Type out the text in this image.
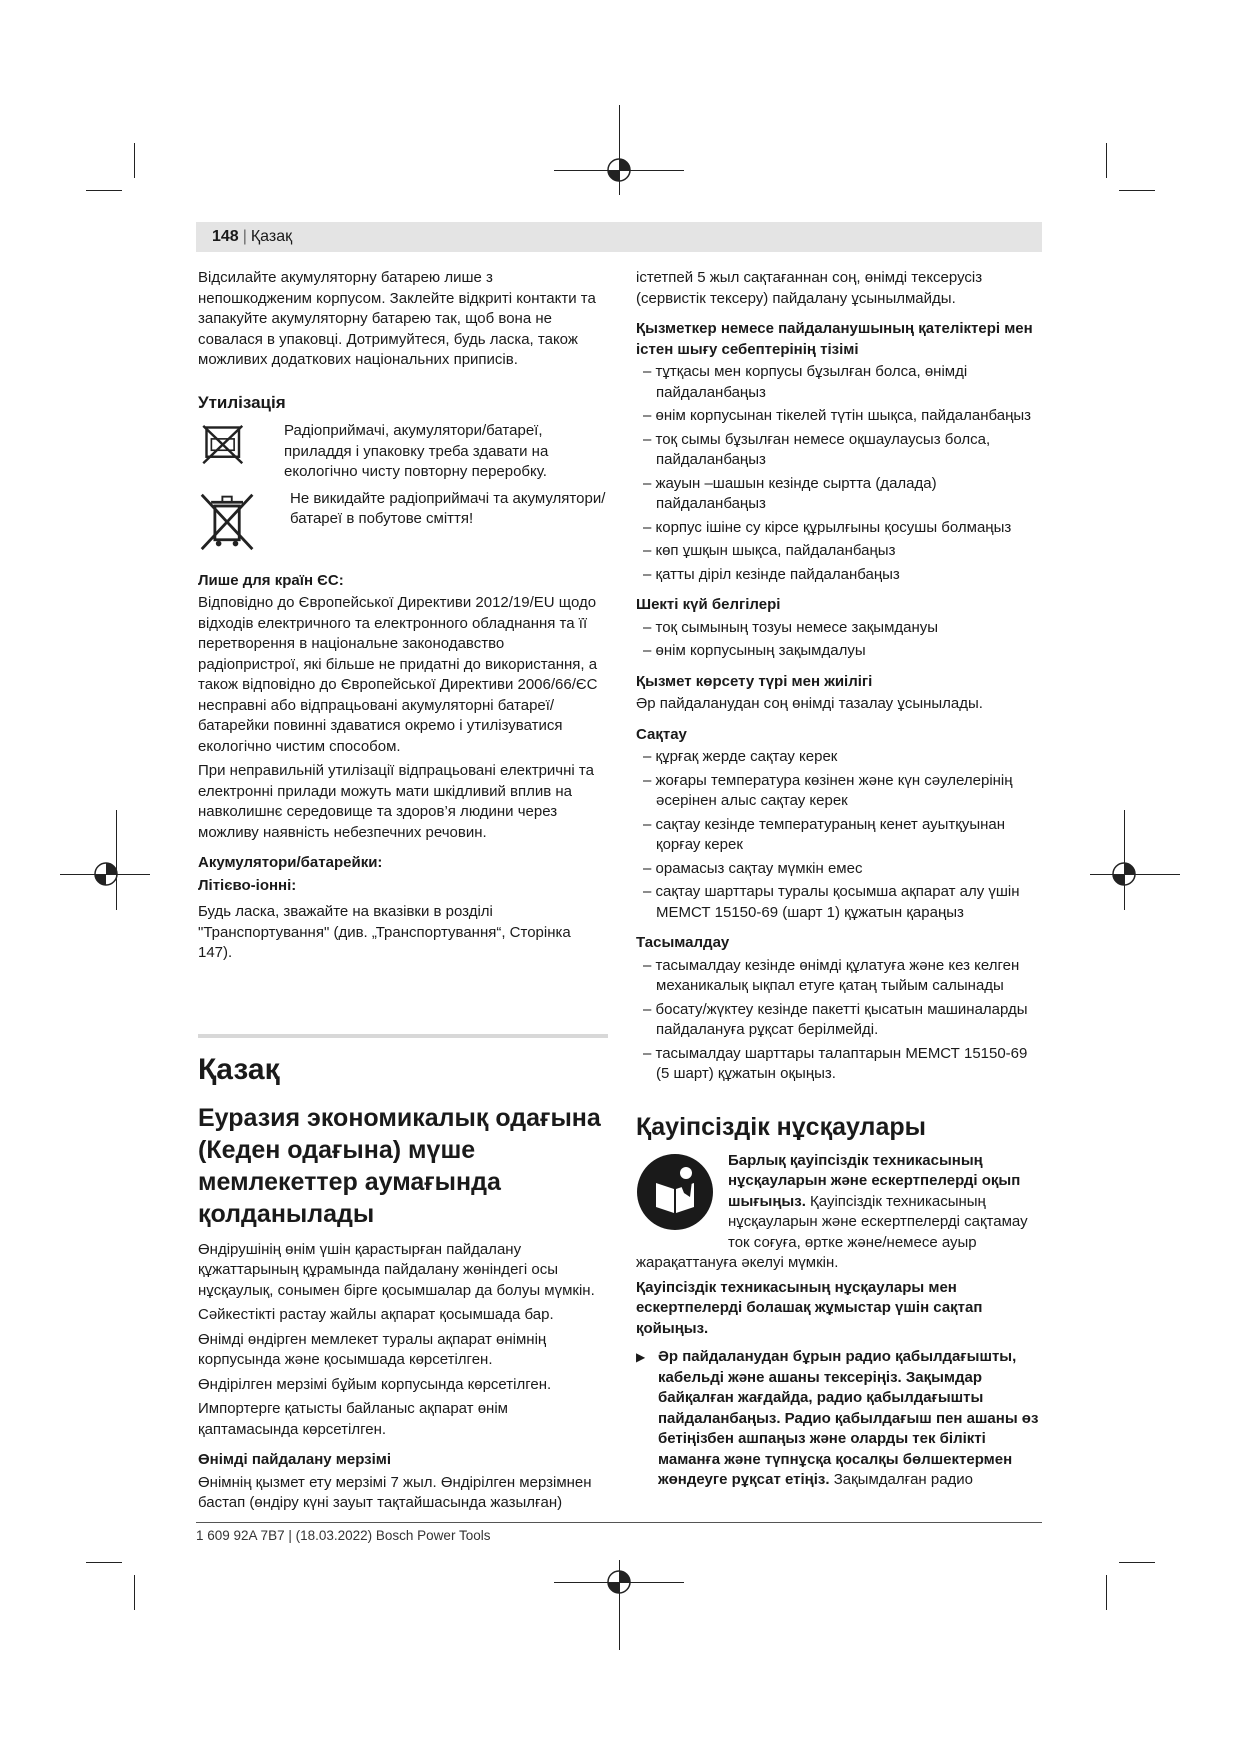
148 | Қазақ

Відсилайте акумуляторну батарею лише з непошкодженим корпусом. Заклейте відкриті контакти та запакуйте акумуляторну батарею так, щоб вона не совалася в упаковці. Дотримуйтеся, будь ласка, також можливих додаткових національних приписів.

Утилізація
Радіоприймачі, акумулятори/батареї, приладдя і упаковку треба здавати на екологічно чисту повторну переробку.
Не викидайте радіоприймачі та акумулятори/батареї в побутове сміття!
Лише для країн ЄС:

Відповідно до Європейської Директиви 2012/19/EU щодо відходів електричного та електронного обладнання та її перетворення в національне законодавство радіопристрої, які більше не придатні до використання, а також відповідно до Європейської Директиви 2006/66/ЄС несправні або відпрацьовані акумуляторні батареї/батарейки повинні здаватися окремо і утилізуватися екологічно чистим способом.

При неправильній утилізації відпрацьовані електричні та електронні прилади можуть мати шкідливий вплив на навколишнє середовище та здоров’я людини через можливу наявність небезпечних речовин.

Акумулятори/батарейки:
Літієво-іонні:

Будь ласка, зважайте на вказівки в розділі "Транспортування" (див. „Транспортування“, Сторінка 147).

Қазақ
Еуразия экономикалық одағына (Кеден одағына) мүше мемлекеттер аумағында қолданылады

Өндірушінің өнім үшін қарастырған пайдалану құжаттарының құрамында пайдалану жөніндегі осы нұсқаулық, сонымен бірге қосымшалар да болуы мүмкін.

Сәйкестікті растау жайлы ақпарат қосымшада бар.

Өнімді өндірген мемлекет туралы ақпарат өнімнің корпусында және қосымшада көрсетілген.

Өндірілген мерзімі бұйым корпусында көрсетілген.

Импортерге қатысты байланыс ақпарат өнім қаптамасында көрсетілген.

Өнімді пайдалану мерзімі

Өнімнің қызмет ету мерзімі 7 жыл. Өндірілген мерзімнен бастап (өндіру күні зауыт тақтайшасында жазылған)

істетпей 5 жыл сақтағаннан соң, өнімді тексерусіз (сервистік тексеру) пайдалану ұсынылмайды.

Қызметкер немесе пайдаланушының қателіктері мен істен шығу себептерінің тізімі
– тұтқасы мен корпусы бұзылған болса, өнімді пайдаланбаңыз
– өнім корпусынан тікелей түтін шықса, пайдаланбаңыз
– тоқ сымы бұзылған немесе оқшаулаусыз болса, пайдаланбаңыз
– жауын –шашын кезінде сыртта (далада) пайдаланбаңыз
– корпус ішіне су кірсе құрылғыны қосушы болмаңыз
– көп ұшқын шықса, пайдаланбаңыз
– қатты діріл кезінде пайдаланбаңыз
Шекті күй белгілері
– тоқ сымының тозуы немесе зақымдануы
– өнім корпусының зақымдалуы
Қызмет көрсету түрі мен жиілігі

Әр пайдаланудан соң өнімді тазалау ұсынылады.

Сақтау
– құрғақ жерде сақтау керек
– жоғары температура көзінен және күн сәулелерінің әсерінен алыс сақтау керек
– сақтау кезінде температураның кенет ауытқуынан қорғау керек
– орамасыз сақтау мүмкін емес
– сақтау шарттары туралы қосымша ақпарат алу үшін МЕМСТ 15150-69 (шарт 1) құжатын қараңыз
Тасымалдау
– тасымалдау кезінде өнімді құлатуға және кез келген механикалық ықпал етуге қатаң тыйым салынады
– босату/жүктеу кезінде пакетті қысатын машиналарды пайдалануға рұқсат берілмейді.
– тасымалдау шарттары талаптарын МЕМСТ 15150-69 (5 шарт) құжатын оқыңыз.
Қауіпсіздік нұсқаулары

Барлық қауіпсіздік техникасының нұсқауларын және ескертпелерді оқып шығыңыз. Қауіпсіздік техникасының нұсқауларын және ескертпелерді сақтамау ток соғуға, өртке және/немесе ауыр жарақаттануға әкелуі мүмкін.

Қауіпсіздік техникасының нұсқаулары мен ескертпелерді болашақ жұмыстар үшін сақтап қойыңыз.

▶ Әр пайдаланудан бұрын радио қабылдағышты, кабельді және ашаны тексеріңіз. Зақымдар байқалған жағдайда, радио қабылдағышты пайдаланбаңыз. Радио қабылдағыш пен ашаны өз бетіңізбен ашпаңыз және оларды тек білікті маманға және түпнұсқа қосалқы бөлшектермен жөндеуге рұқсат етіңіз. Зақымдалған радио

1 609 92A 7B7 | (18.03.2022) Bosch Power Tools
